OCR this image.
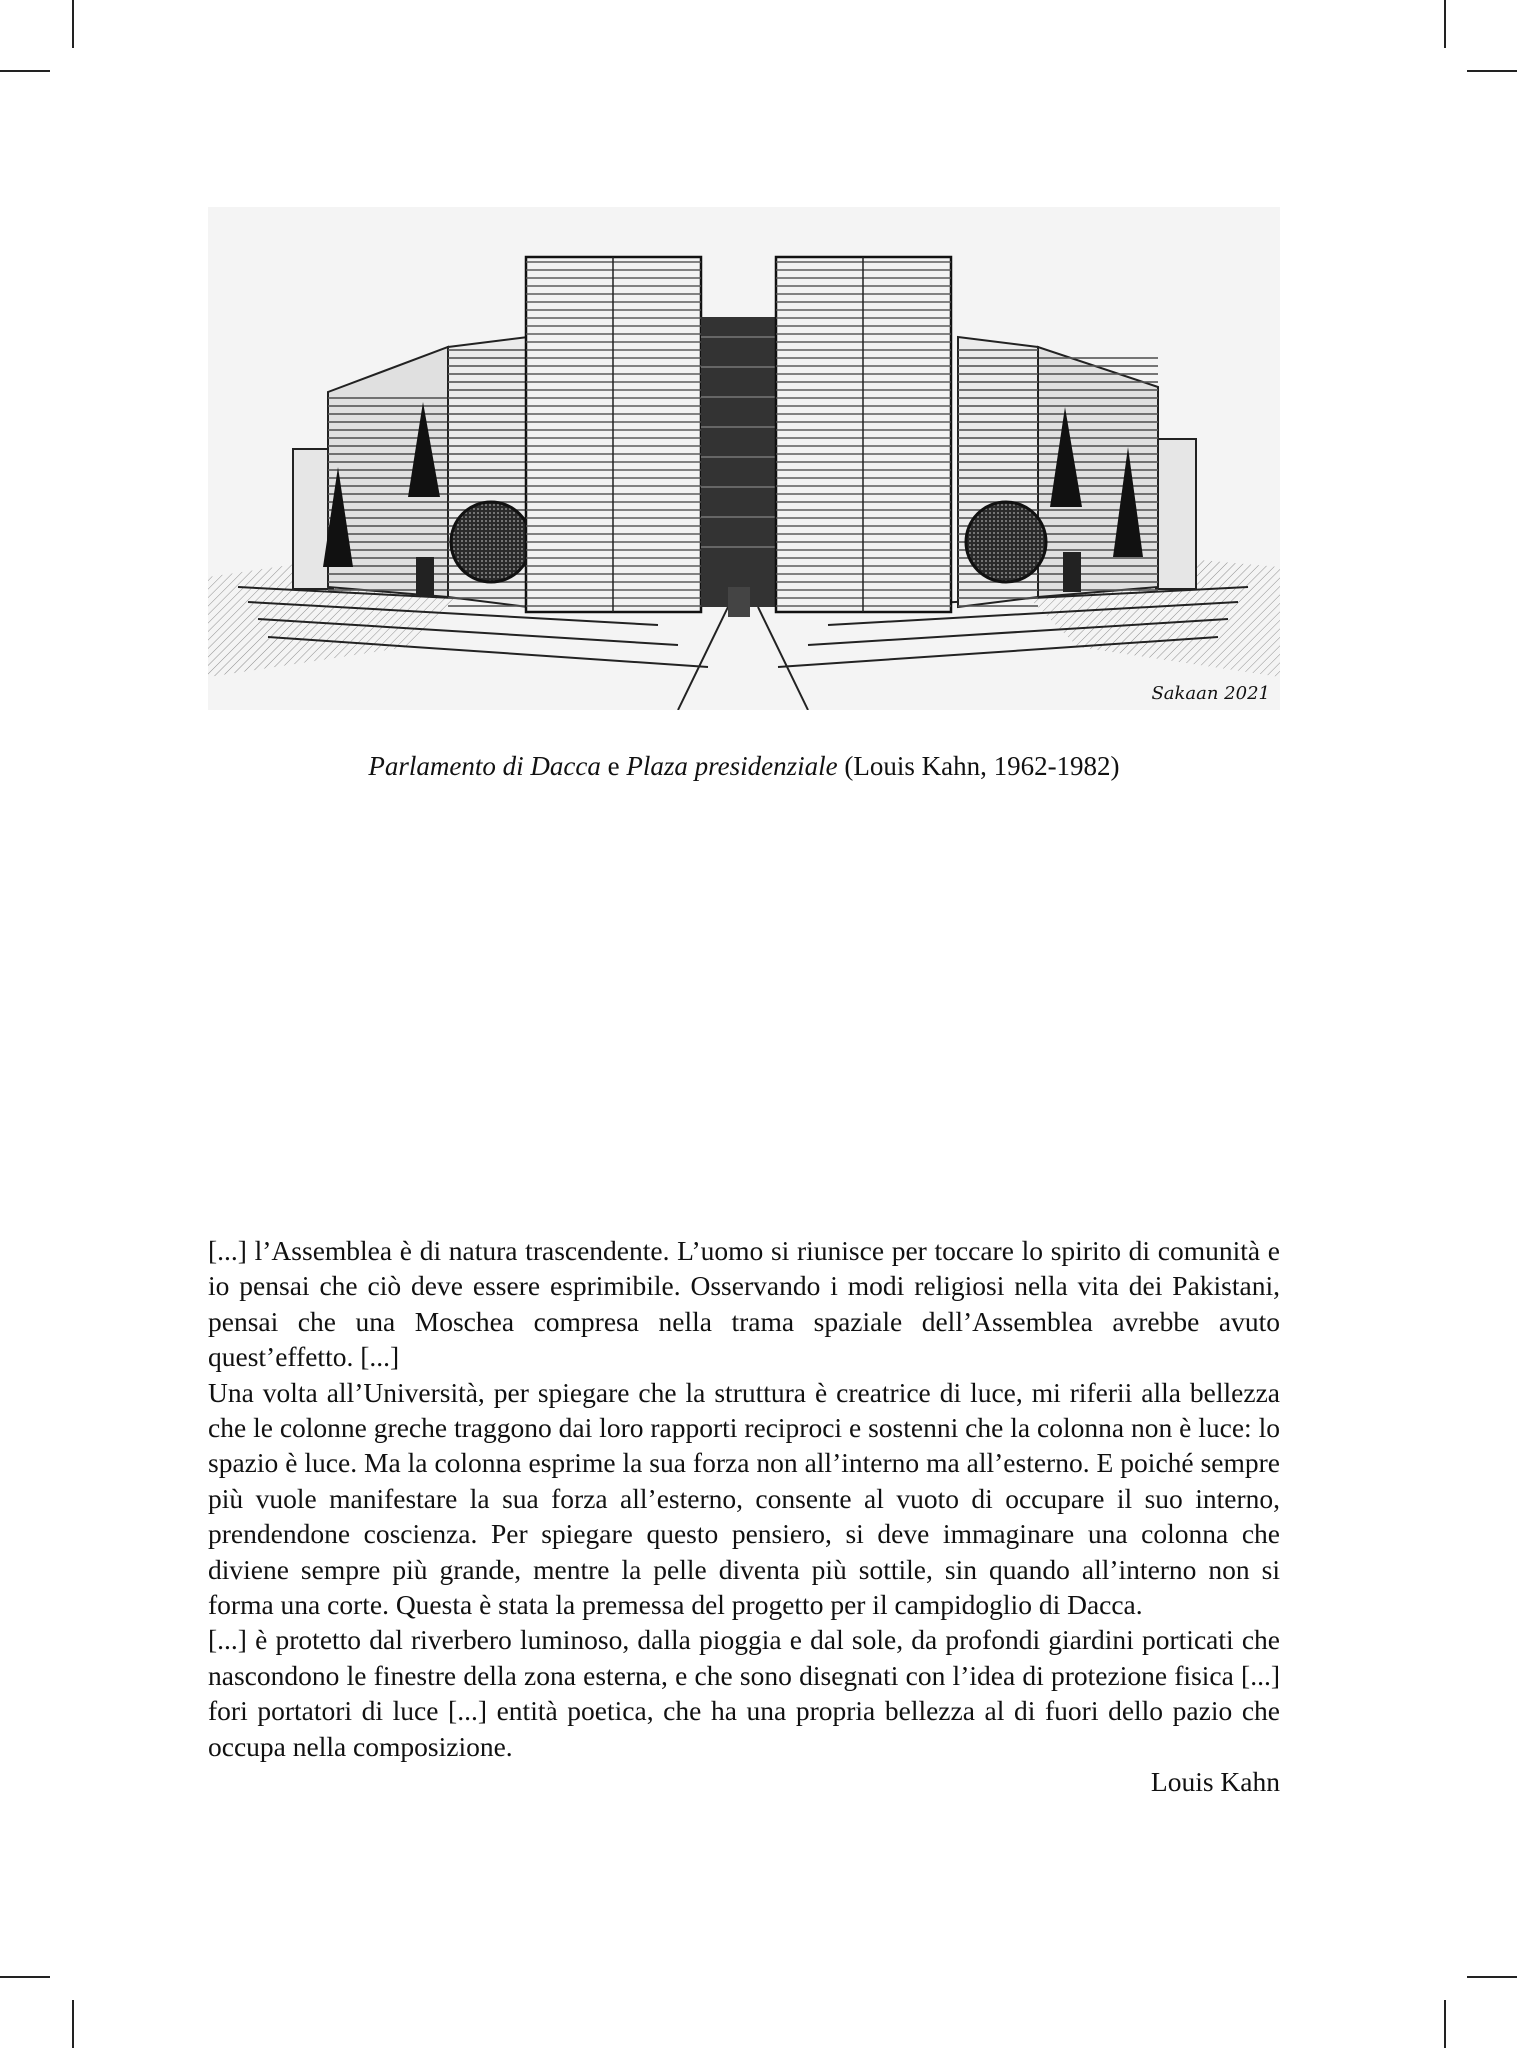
Sakaan 2021
Parlamento di Dacca e Plaza presidenziale (Louis Kahn, 1962-1982)

[...] l’Assemblea è di natura trascendente. L’uomo si riunisce per toccare lo spirito di comunità e io pensai che ciò deve essere esprimibile. Osservando i modi religiosi nella vita dei Pakistani, pensai che una Moschea compresa nella trama spaziale dell’Assemblea avrebbe avuto quest’effetto. [...]

Una volta all’Università, per spiegare che la struttura è creatrice di luce, mi riferii alla bellezza che le colonne greche traggono dai loro rapporti reciproci e sostenni che la colonna non è luce: lo spazio è luce. Ma la colonna esprime la sua forza non all’interno ma all’esterno. E poiché sempre più vuole manifestare la sua forza all’esterno, consente al vuoto di occupare il suo interno, prendendone coscienza. Per spiegare questo pensiero, si deve immaginare una colonna che diviene sempre più grande, mentre la pelle diventa più sottile, sin quando all’interno non si forma una corte. Questa è stata la premessa del progetto per il campidoglio di Dacca.

[...] è protetto dal riverbero luminoso, dalla pioggia e dal sole, da profondi giardini porticati che nascondono le finestre della zona esterna, e che sono disegnati con l’idea di protezione fisica [...] fori portatori di luce [...] entità poetica, che ha una propria bellezza al di fuori dello pazio che occupa nella composizione.

Louis Kahn
